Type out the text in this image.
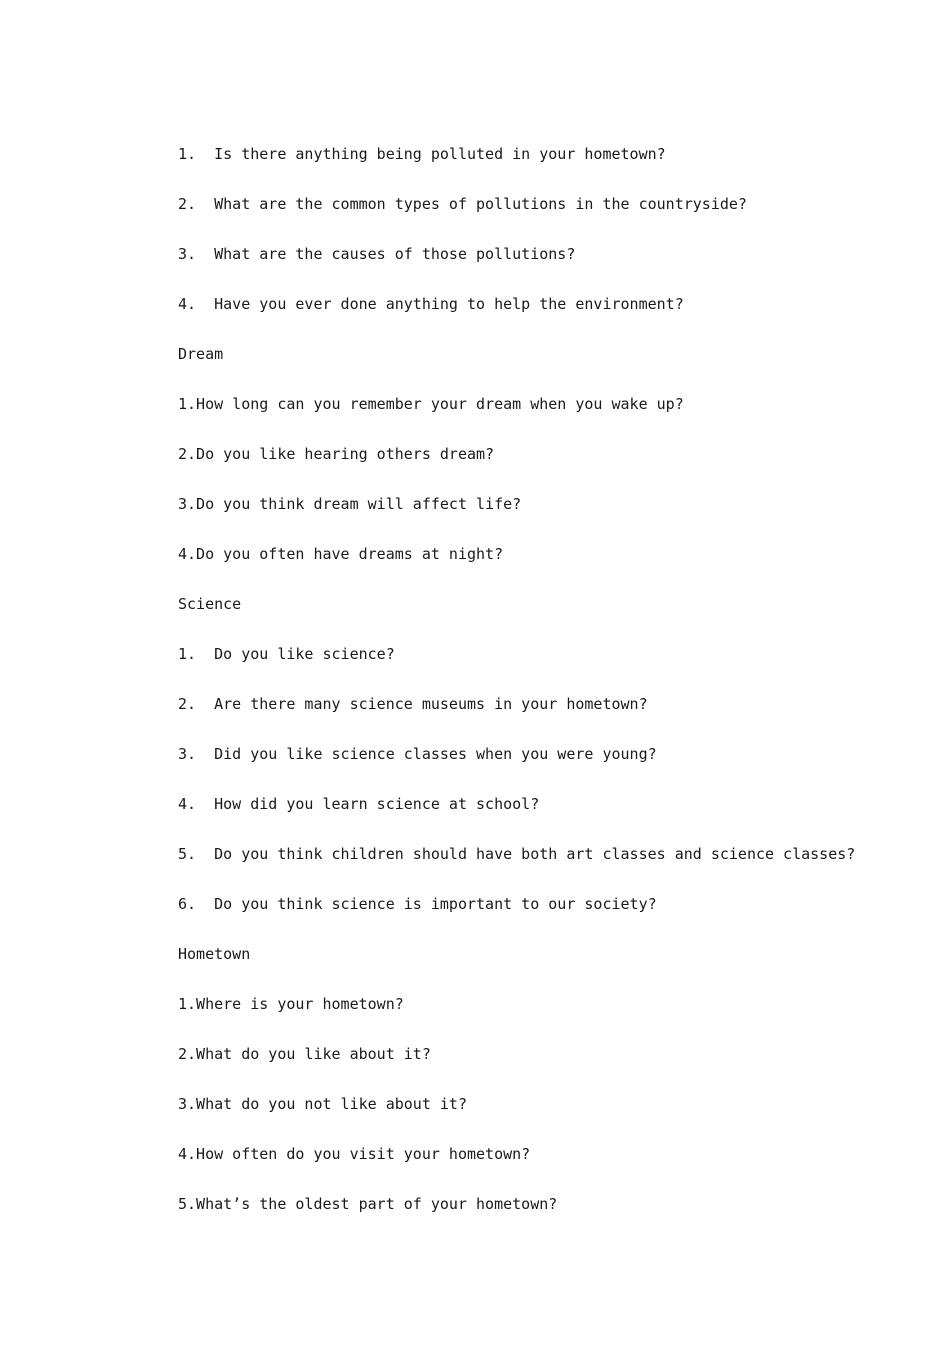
1.  Is there anything being polluted in your hometown?
2.  What are the common types of pollutions in the countryside?
3.  What are the causes of those pollutions?
4.  Have you ever done anything to help the environment?
Dream
1.How long can you remember your dream when you wake up?
2.Do you like hearing others dream?
3.Do you think dream will affect life?
4.Do you often have dreams at night?
Science
1.  Do you like science?
2.  Are there many science museums in your hometown?
3.  Did you like science classes when you were young?
4.  How did you learn science at school?
5.  Do you think children should have both art classes and science classes?
6.  Do you think science is important to our society?
Hometown
1.Where is your hometown?
2.What do you like about it?
3.What do you not like about it?
4.How often do you visit your hometown?
5.What’s the oldest part of your hometown?
